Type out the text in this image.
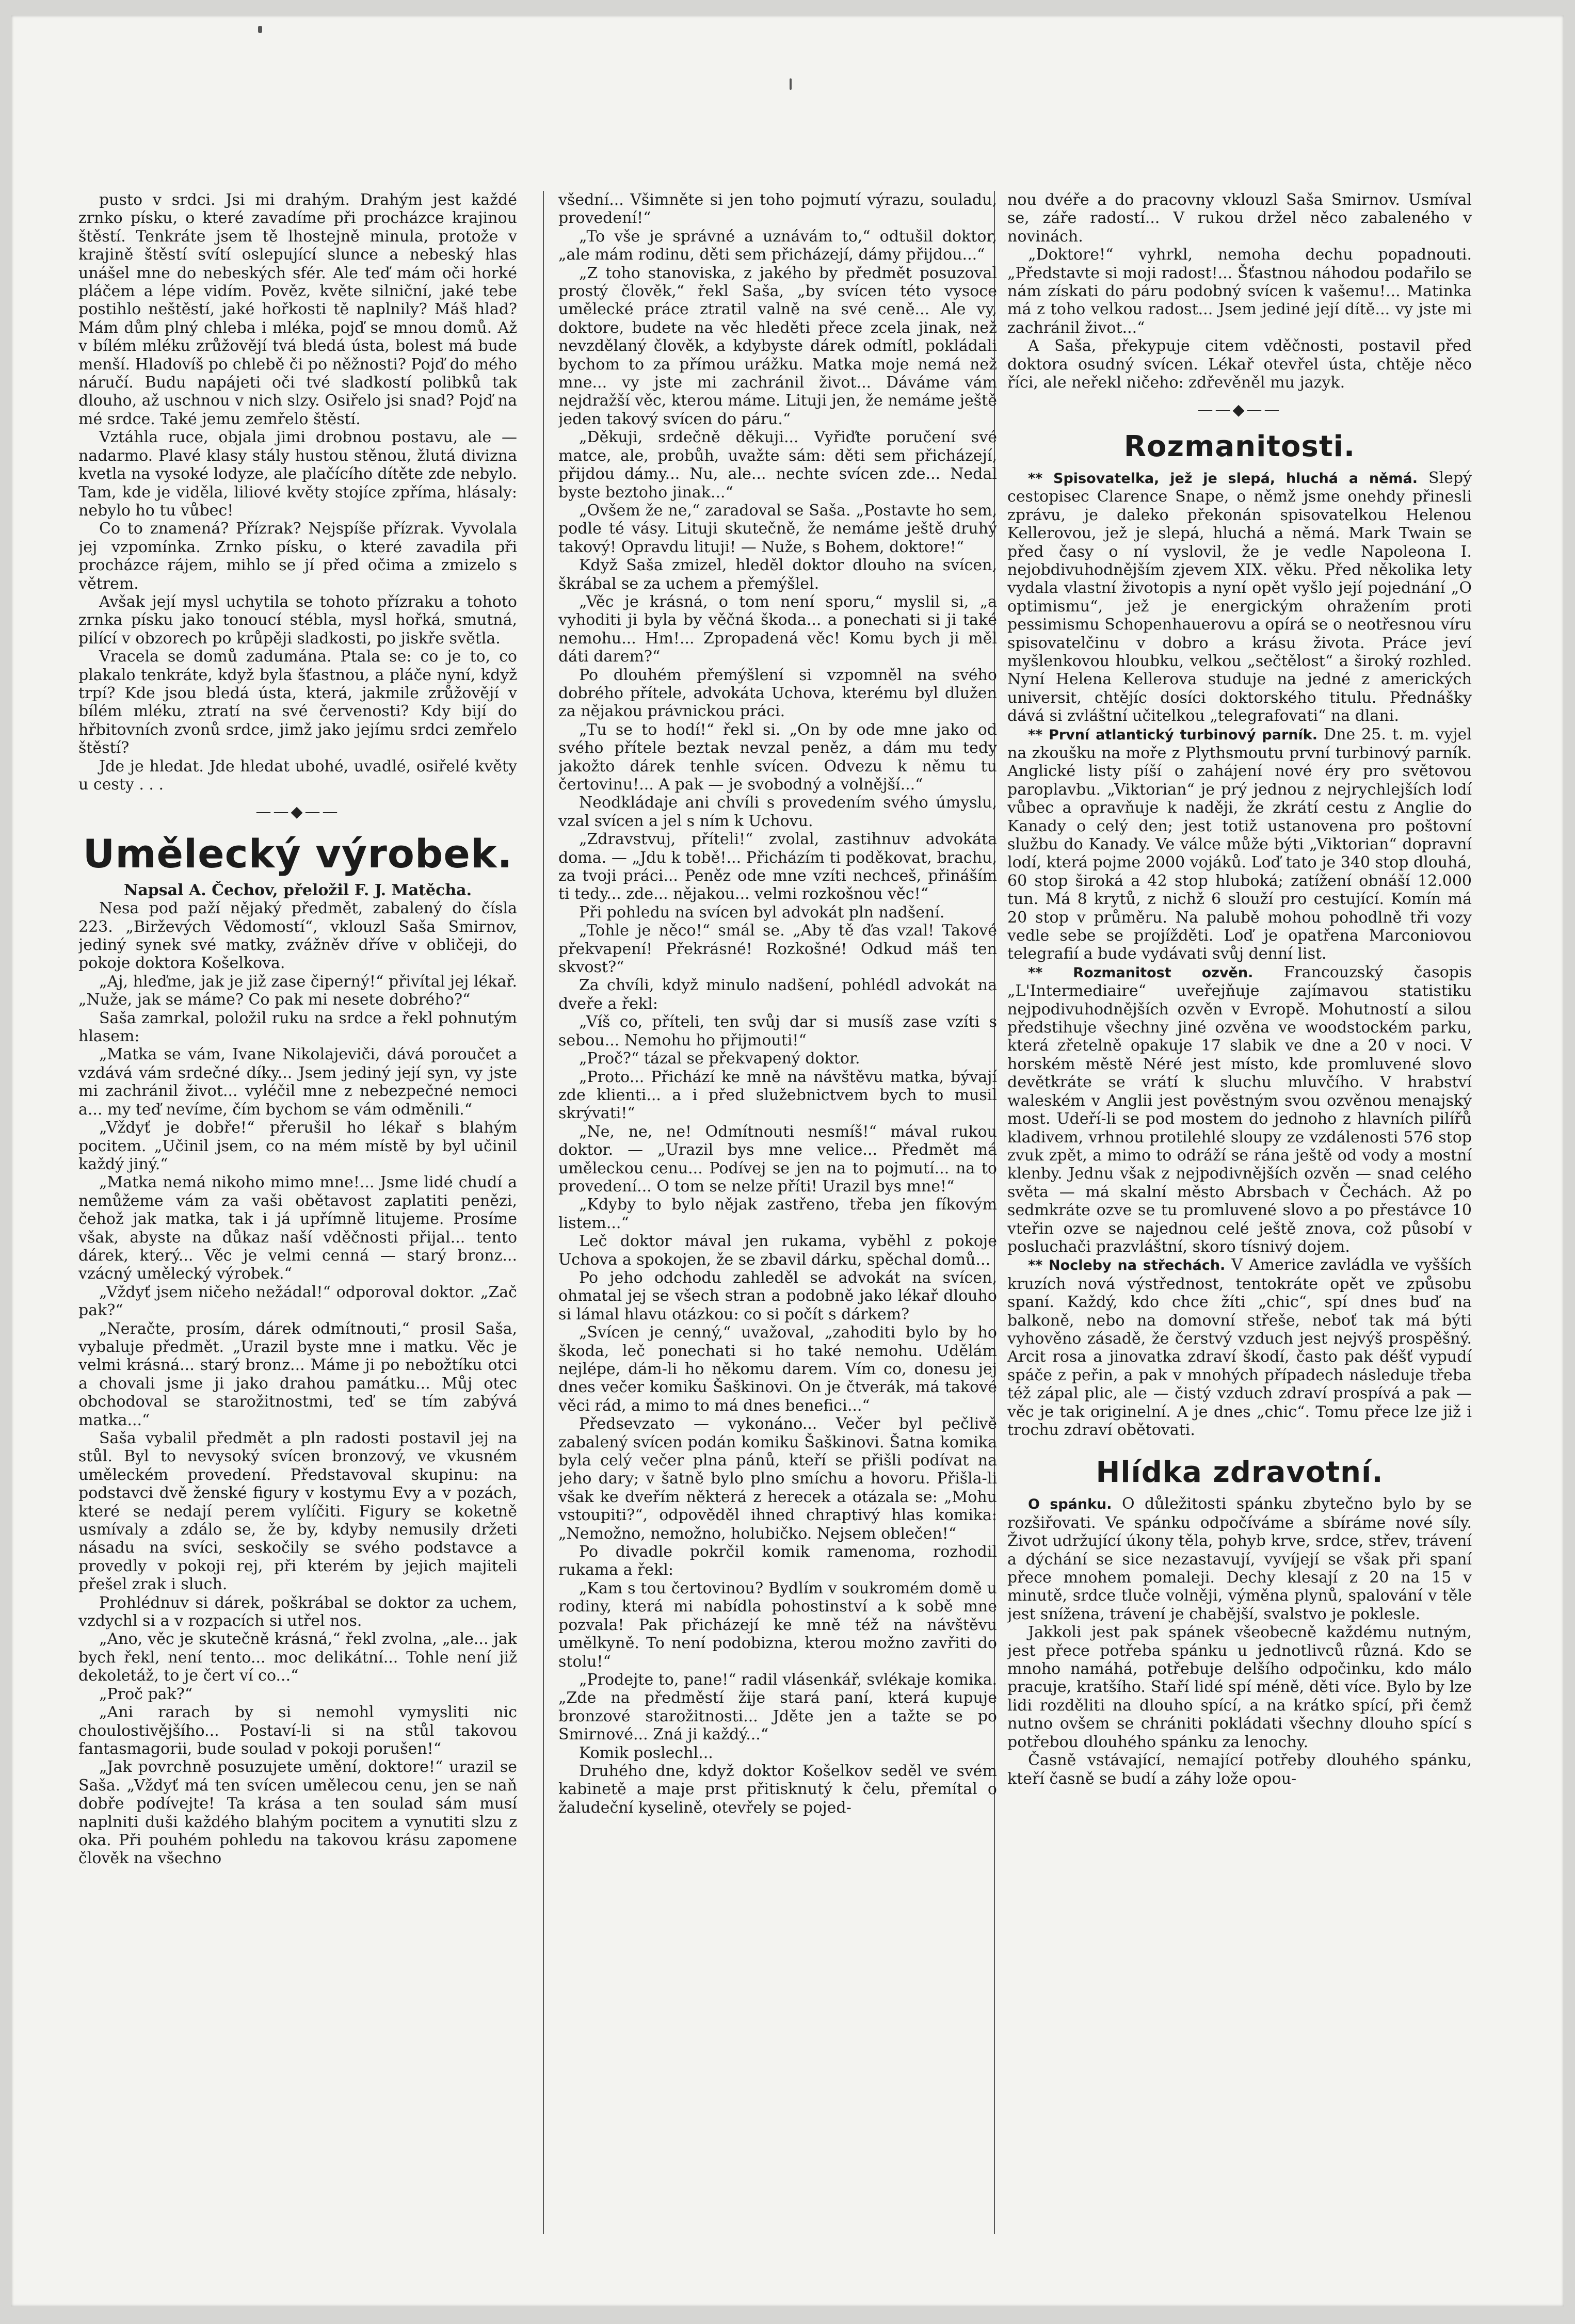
pusto v srdci. Jsi mi drahým. Drahým jest každé zrnko písku, o které zavadíme při procházce krajinou štěstí. Tenkráte jsem tě lhostejně minula, protože v krajině štěstí svítí oslepující slunce a nebeský hlas unášel mne do nebeských sfér. Ale teď mám oči horké pláčem a lépe vidím. Pověz, květe silniční, jaké tebe postihlo neštěstí, jaké hořkosti tě naplnily? Máš hlad? Mám dům plný chleba i mléka, pojď se mnou domů. Až v bílém mléku zrůžovějí tvá bledá ústa, bolest má bude menší. Hladovíš po chlebě či po něžnosti? Pojď do mého náručí. Budu napájeti oči tvé sladkostí polibků tak dlouho, až uschnou v nich slzy. Osiřelo jsi snad? Pojď na mé srdce. Také jemu zemřelo štěstí.

Vztáhla ruce, objala jimi drobnou postavu, ale — nadarmo. Plavé klasy stály hustou stěnou, žlutá divizna kvetla na vysoké lodyze, ale plačícího dítěte zde nebylo. Tam, kde je viděla, liliové květy stojíce zpříma, hlásaly: nebylo ho tu vůbec!

Co to znamená? Přízrak? Nejspíše přízrak. Vyvolala jej vzpomínka. Zrnko písku, o které zavadila při procházce rájem, mihlo se jí před očima a zmizelo s větrem.

Avšak její mysl uchytila se tohoto přízraku a tohoto zrnka písku jako tonoucí stébla, mysl hořká, smutná, pilící v obzorech po krůpěji sladkosti, po jiskře světla.

Vracela se domů zadumána. Ptala se: co je to, co plakalo tenkráte, když byla šťastnou, a pláče nyní, když trpí? Kde jsou bledá ústa, která, jakmile zrůžovějí v bílém mléku, ztratí na své červenosti? Kdy bijí do hřbitovních zvonů srdce, jimž jako jejímu srdci zemřelo štěstí?

Jde je hledat. Jde hledat ubohé, uvadlé, osiřelé květy u cesty . . .

——◆——
Umělecký výrobek.

Napsal A. Čechov, přeložil F. J. Matěcha.

Nesa pod paží nějaký předmět, zabalený do čísla 223. „Birževých Vědomostí“, vklouzl Saša Smirnov, jediný synek své matky, zvážněv dříve v obličeji, do pokoje doktora Košelkova.

„Aj, hleďme, jak je již zase čiperný!“ přivítal jej lékař. „Nuže, jak se máme? Co pak mi nesete dobrého?“

Saša zamrkal, položil ruku na srdce a řekl pohnutým hlasem:

„Matka se vám, Ivane Nikolajeviči, dává poroučet a vzdává vám srdečné díky... Jsem jediný její syn, vy jste mi zachránil život... vyléčil mne z nebezpečné nemoci a... my teď nevíme, čím bychom se vám odměnili.“

„Vždyť je dobře!“ přerušil ho lékař s blahým pocitem. „Učinil jsem, co na mém místě by byl učinil každý jiný.“

„Matka nemá nikoho mimo mne!... Jsme lidé chudí a nemůžeme vám za vaši obětavost zaplatiti penězi, čehož jak matka, tak i já upřímně litujeme. Prosíme však, abyste na důkaz naší vděčnosti přijal... tento dárek, který... Věc je velmi cenná — starý bronz... vzácný umělecký výrobek.“

„Vždyť jsem ničeho nežádal!“ odporoval doktor. „Zač pak?“

„Neračte, prosím, dárek odmítnouti,“ prosil Saša, vybaluje předmět. „Urazil byste mne i matku. Věc je velmi krásná... starý bronz... Máme ji po nebožtíku otci a chovali jsme ji jako drahou památku... Můj otec obchodoval se starožitnostmi, teď se tím zabývá matka...“

Saša vybalil předmět a pln radosti postavil jej na stůl. Byl to nevysoký svícen bronzový, ve vkusném uměleckém provedení. Představoval skupinu: na podstavci dvě ženské figury v kostymu Evy a v pozách, které se nedají perem vylíčiti. Figury se koketně usmívaly a zdálo se, že by, kdyby nemusily držeti násadu na svíci, seskočily se svého podstavce a provedly v pokoji rej, při kterém by jejich majiteli přešel zrak i sluch.

Prohlédnuv si dárek, poškrábal se doktor za uchem, vzdychl si a v rozpacích si utřel nos.

„Ano, věc je skutečně krásná,“ řekl zvolna, „ale... jak bych řekl, není tento... moc delikátní... Tohle není již dekoletáž, to je čert ví co...“

„Proč pak?“

„Ani rarach by si nemohl vymysliti nic choulostivějšího... Postaví-li si na stůl takovou fantasmagorii, bude soulad v pokoji porušen!“

„Jak povrchně posuzujete umění, doktore!“ urazil se Saša. „Vždyť má ten svícen umělecou cenu, jen se naň dobře podívejte! Ta krása a ten soulad sám musí naplniti duši každého blahým pocitem a vynutiti slzu z oka. Při pouhém pohledu na takovou krásu zapomene člověk na všechno

všední... Všimněte si jen toho pojmutí výrazu, souladu, provedení!“

„To vše je správné a uznávám to,“ odtušil doktor, „ale mám rodinu, děti sem přicházejí, dámy přijdou...“

„Z toho stanoviska, z jakého by předmět posuzoval prostý člověk,“ řekl Saša, „by svícen této vysoce umělecké práce ztratil valně na své ceně... Ale vy, doktore, budete na věc hleděti přece zcela jinak, než nevzdělaný člověk, a kdybyste dárek odmítl, pokládali bychom to za přímou urážku. Matka moje nemá než mne... vy jste mi zachránil život... Dáváme vám nejdražší věc, kterou máme. Lituji jen, že nemáme ještě jeden takový svícen do páru.“

„Děkuji, srdečně děkuji... Vyřiďte poručení své matce, ale, probůh, uvažte sám: děti sem přicházejí, přijdou dámy... Nu, ale... nechte svícen zde... Nedal byste beztoho jinak...“

„Ovšem že ne,“ zaradoval se Saša. „Postavte ho sem, podle té vásy. Lituji skutečně, že nemáme ještě druhý takový! Opravdu lituji! — Nuže, s Bohem, doktore!“

Když Saša zmizel, hleděl doktor dlouho na svícen, škrábal se za uchem a přemýšlel.

„Věc je krásná, o tom není sporu,“ myslil si, „a vyhoditi ji byla by věčná škoda... a ponechati si ji také nemohu... Hm!... Zpropadená věc! Komu bych ji měl dáti darem?“

Po dlouhém přemýšlení si vzpomněl na svého dobrého přítele, advokáta Uchova, kterému byl dlužen za nějakou právnickou práci.

„Tu se to hodí!“ řekl si. „On by ode mne jako od svého přítele beztak nevzal peněz, a dám mu tedy jakožto dárek tenhle svícen. Odvezu k němu tu čertovinu!... A pak — je svobodný a volnější...“

Neodkládaje ani chvíli s provedením svého úmyslu, vzal svícen a jel s ním k Uchovu.

„Zdravstvuj, příteli!“ zvolal, zastihnuv advokáta doma. — „Jdu k tobě!... Přicházím ti poděkovat, brachu, za tvoji práci... Peněz ode mne vzíti nechceš, přináším ti tedy... zde... nějakou... velmi rozkošnou věc!“

Při pohledu na svícen byl advokát pln nadšení.

„Tohle je něco!“ smál se. „Aby tě ďas vzal! Takové překvapení! Překrásné! Rozkošné! Odkud máš ten skvost?“

Za chvíli, když minulo nadšení, pohlédl advokát na dveře a řekl:

„Víš co, příteli, ten svůj dar si musíš zase vzíti s sebou... Nemohu ho přijmouti!“

„Proč?“ tázal se překvapený doktor.

„Proto... Přichází ke mně na návštěvu matka, bývají zde klienti... a i před služebnictvem bych to musil skrývati!“

„Ne, ne, ne! Odmítnouti nesmíš!“ mával rukou doktor. — „Urazil bys mne velice... Předmět má uměleckou cenu... Podívej se jen na to pojmutí... na to provedení... O tom se nelze příti! Urazil bys mne!“

„Kdyby to bylo nějak zastřeno, třeba jen fíkovým listem...“

Leč doktor mával jen rukama, vyběhl z pokoje Uchova a spokojen, že se zbavil dárku, spěchal domů...

Po jeho odchodu zahleděl se advokát na svícen, ohmatal jej se všech stran a podobně jako lékař dlouho si lámal hlavu otázkou: co si počít s dárkem?

„Svícen je cenný,“ uvažoval, „zahoditi bylo by ho škoda, leč ponechati si ho také nemohu. Udělám nejlépe, dám-li ho někomu darem. Vím co, donesu jej dnes večer komiku Šaškinovi. On je čtverák, má takové věci rád, a mimo to má dnes benefici...“

Předsevzato — vykonáno... Večer byl pečlivě zabalený svícen podán komiku Šaškinovi. Šatna komika byla celý večer plna pánů, kteří se přišli podívat na jeho dary; v šatně bylo plno smíchu a hovoru. Přišla-li však ke dveřím některá z herecek a otázala se: „Mohu vstoupiti?“, odpověděl ihned chraptivý hlas komika: „Nemožno, nemožno, holubičko. Nejsem oblečen!“

Po divadle pokrčil komik ramenoma, rozhodil rukama a řekl:

„Kam s tou čertovinou? Bydlím v soukromém domě u rodiny, která mi nabídla pohostinství a k sobě mne pozvala! Pak přicházejí ke mně též na návštěvu umělkyně. To není podobizna, kterou možno zavřiti do stolu!“

„Prodejte to, pane!“ radil vlásenkář, svlékaje komika. „Zde na předměstí žije stará paní, která kupuje bronzové starožitnosti... Jděte jen a tažte se po Smirnové... Zná ji každý...“

Komik poslechl...

Druhého dne, když doktor Košelkov seděl ve svém kabinetě a maje prst přitisknutý k čelu, přemítal o žaludeční kyselině, otevřely se pojed-

nou dvéře a do pracovny vklouzl Saša Smirnov. Usmíval se, záře radostí... V rukou držel něco zabaleného v novinách.

„Doktore!“ vyhrkl, nemoha dechu popadnouti. „Představte si moji radost!... Šťastnou náhodou podařilo se nám získati do páru podobný svícen k vašemu!... Matinka má z toho velkou radost... Jsem jediné její dítě... vy jste mi zachránil život...“

A Saša, překypuje citem vděčnosti, postavil před doktora osudný svícen. Lékař otevřel ústa, chtěje něco říci, ale neřekl ničeho: zdřevěněl mu jazyk.

——◆——
Rozmanitosti.

** Spisovatelka, jež je slepá, hluchá a němá. Slepý cestopisec Clarence Snape, o němž jsme onehdy přinesli zprávu, je daleko překonán spisovatelkou Helenou Kellerovou, jež je slepá, hluchá a němá. Mark Twain se před časy o ní vyslovil, že je vedle Napoleona I. nejobdivuhodnějším zjevem XIX. věku. Před několika lety vydala vlastní životopis a nyní opět vyšlo její pojednání „O optimismu“, jež je energickým ohražením proti pessimismu Schopenhauerovu a opírá se o neotřesnou víru spisovatelčinu v dobro a krásu života. Práce jeví myšlenkovou hloubku, velkou „sečtělost“ a široký rozhled. Nyní Helena Kellerova studuje na jedné z amerických universit, chtějíc dosíci doktorského titulu. Přednášky dává si zvláštní učitelkou „telegrafovati“ na dlani.

** První atlantický turbinový parník. Dne 25. t. m. vyjel na zkoušku na moře z Plythsmoutu první turbinový parník. Anglické listy píší o zahájení nové éry pro světovou paroplavbu. „Viktorian“ je prý jednou z nejrychlejších lodí vůbec a opravňuje k naději, že zkrátí cestu z Anglie do Kanady o celý den; jest totiž ustanovena pro poštovní službu do Kanady. Ve válce může býti „Viktorian“ dopravní lodí, která pojme 2000 vojáků. Loď tato je 340 stop dlouhá, 60 stop široká a 42 stop hluboká; zatížení obnáší 12.000 tun. Má 8 krytů, z nichž 6 slouží pro cestující. Komín má 20 stop v průměru. Na palubě mohou pohodlně tři vozy vedle sebe se projížděti. Loď je opatřena Marconiovou telegrafií a bude vydávati svůj denní list.

** Rozmanitost ozvěn. Francouzský časopis „L'Intermediaire“ uveřejňuje zajímavou statistiku nejpodivuhodnějších ozvěn v Evropě. Mohutností a silou předstihuje všechny jiné ozvěna ve woodstockém parku, která zřetelně opakuje 17 slabik ve dne a 20 v noci. V horském městě Néré jest místo, kde promluvené slovo devětkráte se vrátí k sluchu mluvčího. V hrabství waleském v Anglii jest pověstným svou ozvěnou menajský most. Udeří-li se pod mostem do jednoho z hlavních pilířů kladivem, vrhnou protilehlé sloupy ze vzdálenosti 576 stop zvuk zpět, a mimo to odráží se rána ještě od vody a mostní klenby. Jednu však z nejpodivnějších ozvěn — snad celého světa — má skalní město Abrsbach v Čechách. Až po sedmkráte ozve se tu promluvené slovo a po přestávce 10 vteřin ozve se najednou celé ještě znova, což působí v posluchači prazvláštní, skoro tísnivý dojem.

** Nocleby na střechách. V Americe zavládla ve vyšších kruzích nová výstřednost, tentokráte opět ve způsobu spaní. Každý, kdo chce žíti „chic“, spí dnes buď na balkoně, nebo na domovní střeše, neboť tak má býti vyhověno zásadě, že čerstvý vzduch jest nejvýš prospěšný. Arcit rosa a jinovatka zdraví škodí, často pak déšť vypudí spáče z peřin, a pak v mnohých případech následuje třeba též zápal plic, ale — čistý vzduch zdraví prospívá a pak — věc je tak originelní. A je dnes „chic“. Tomu přece lze již i trochu zdraví obětovati.

Hlídka zdravotní.

O spánku. O důležitosti spánku zbytečno bylo by se rozšiřovati. Ve spánku odpočíváme a sbíráme nové síly. Život udržující úkony těla, pohyb krve, srdce, střev, trávení a dýchání se sice nezastavují, vyvíjejí se však při spaní přece mnohem pomaleji. Dechy klesají z 20 na 15 v minutě, srdce tluče volněji, výměna plynů, spalování v těle jest snížena, trávení je chabější, svalstvo je poklesle.

Jakkoli jest pak spánek všeobecně každému nutným, jest přece potřeba spánku u jednotlivců různá. Kdo se mnoho namáhá, potřebuje delšího odpočinku, kdo málo pracuje, kratšího. Staří lidé spí méně, děti více. Bylo by lze lidi rozděliti na dlouho spící, a na krátko spící, při čemž nutno ovšem se chrániti pokládati všechny dlouho spící s potřebou dlouhého spánku za lenochy.

Časně vstávající, nemající potřeby dlouhého spánku, kteří časně se budí a záhy lože opou-
